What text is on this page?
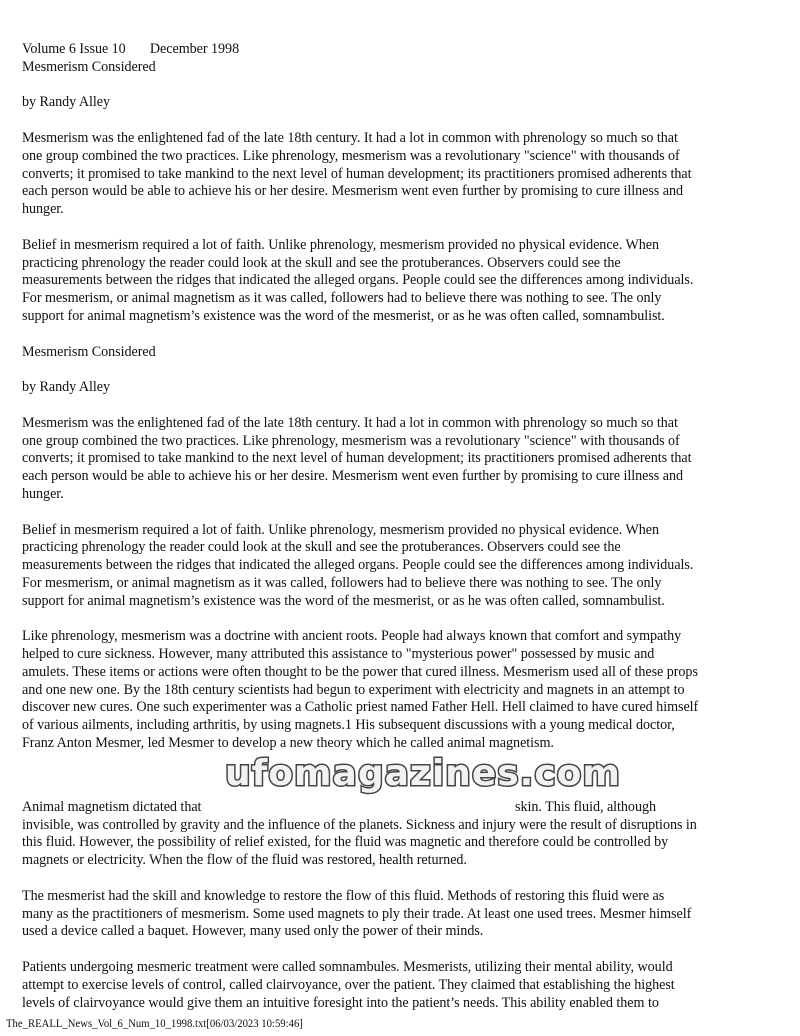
Volume 6 Issue 10 December 1998
Mesmerism Considered
by Randy Alley
Mesmerism was the enlightened fad of the late 18th century. It had a lot in common with phrenology so much so that
one group combined the two practices. Like phrenology, mesmerism was a revolutionary "science" with thousands of
converts; it promised to take mankind to the next level of human development; its practitioners promised adherents that
each person would be able to achieve his or her desire. Mesmerism went even further by promising to cure illness and
hunger.
Belief in mesmerism required a lot of faith. Unlike phrenology, mesmerism provided no physical evidence. When
practicing phrenology the reader could look at the skull and see the protuberances. Observers could see the
measurements between the ridges that indicated the alleged organs. People could see the differences among individuals.
For mesmerism, or animal magnetism as it was called, followers had to believe there was nothing to see. The only
support for animal magnetism’s existence was the word of the mesmerist, or as he was often called, somnambulist.
Mesmerism Considered
by Randy Alley
Mesmerism was the enlightened fad of the late 18th century. It had a lot in common with phrenology so much so that
one group combined the two practices. Like phrenology, mesmerism was a revolutionary "science" with thousands of
converts; it promised to take mankind to the next level of human development; its practitioners promised adherents that
each person would be able to achieve his or her desire. Mesmerism went even further by promising to cure illness and
hunger.
Belief in mesmerism required a lot of faith. Unlike phrenology, mesmerism provided no physical evidence. When
practicing phrenology the reader could look at the skull and see the protuberances. Observers could see the
measurements between the ridges that indicated the alleged organs. People could see the differences among individuals.
For mesmerism, or animal magnetism as it was called, followers had to believe there was nothing to see. The only
support for animal magnetism’s existence was the word of the mesmerist, or as he was often called, somnambulist.
Like phrenology, mesmerism was a doctrine with ancient roots. People had always known that comfort and sympathy
helped to cure sickness. However, many attributed this assistance to "mysterious power" possessed by music and
amulets. These items or actions were often thought to be the power that cured illness. Mesmerism used all of these props
and one new one. By the 18th century scientists had begun to experiment with electricity and magnets in an attempt to
discover new cures. One such experimenter was a Catholic priest named Father Hell. Hell claimed to have cured himself
of various ailments, including arthritis, by using magnets.1 His subsequent discussions with a young medical doctor,
Franz Anton Mesmer, led Mesmer to develop a new theory which he called animal magnetism.
ufomagazines.com
Animal magnetism dictated that                                                                                          skin. This fluid, although
invisible, was controlled by gravity and the influence of the planets. Sickness and injury were the result of disruptions in
this fluid. However, the possibility of relief existed, for the fluid was magnetic and therefore could be controlled by
magnets or electricity. When the flow of the fluid was restored, health returned.
The mesmerist had the skill and knowledge to restore the flow of this fluid. Methods of restoring this fluid were as
many as the practitioners of mesmerism. Some used magnets to ply their trade. At least one used trees. Mesmer himself
used a device called a baquet. However, many used only the power of their minds.
Patients undergoing mesmeric treatment were called somnambules. Mesmerists, utilizing their mental ability, would
attempt to exercise levels of control, called clairvoyance, over the patient. They claimed that establishing the highest
levels of clairvoyance would give them an intuitive foresight into the patient’s needs. This ability enabled them to
The_REALL_News_Vol_6_Num_10_1998.txt[06/03/2023 10:59:46]
